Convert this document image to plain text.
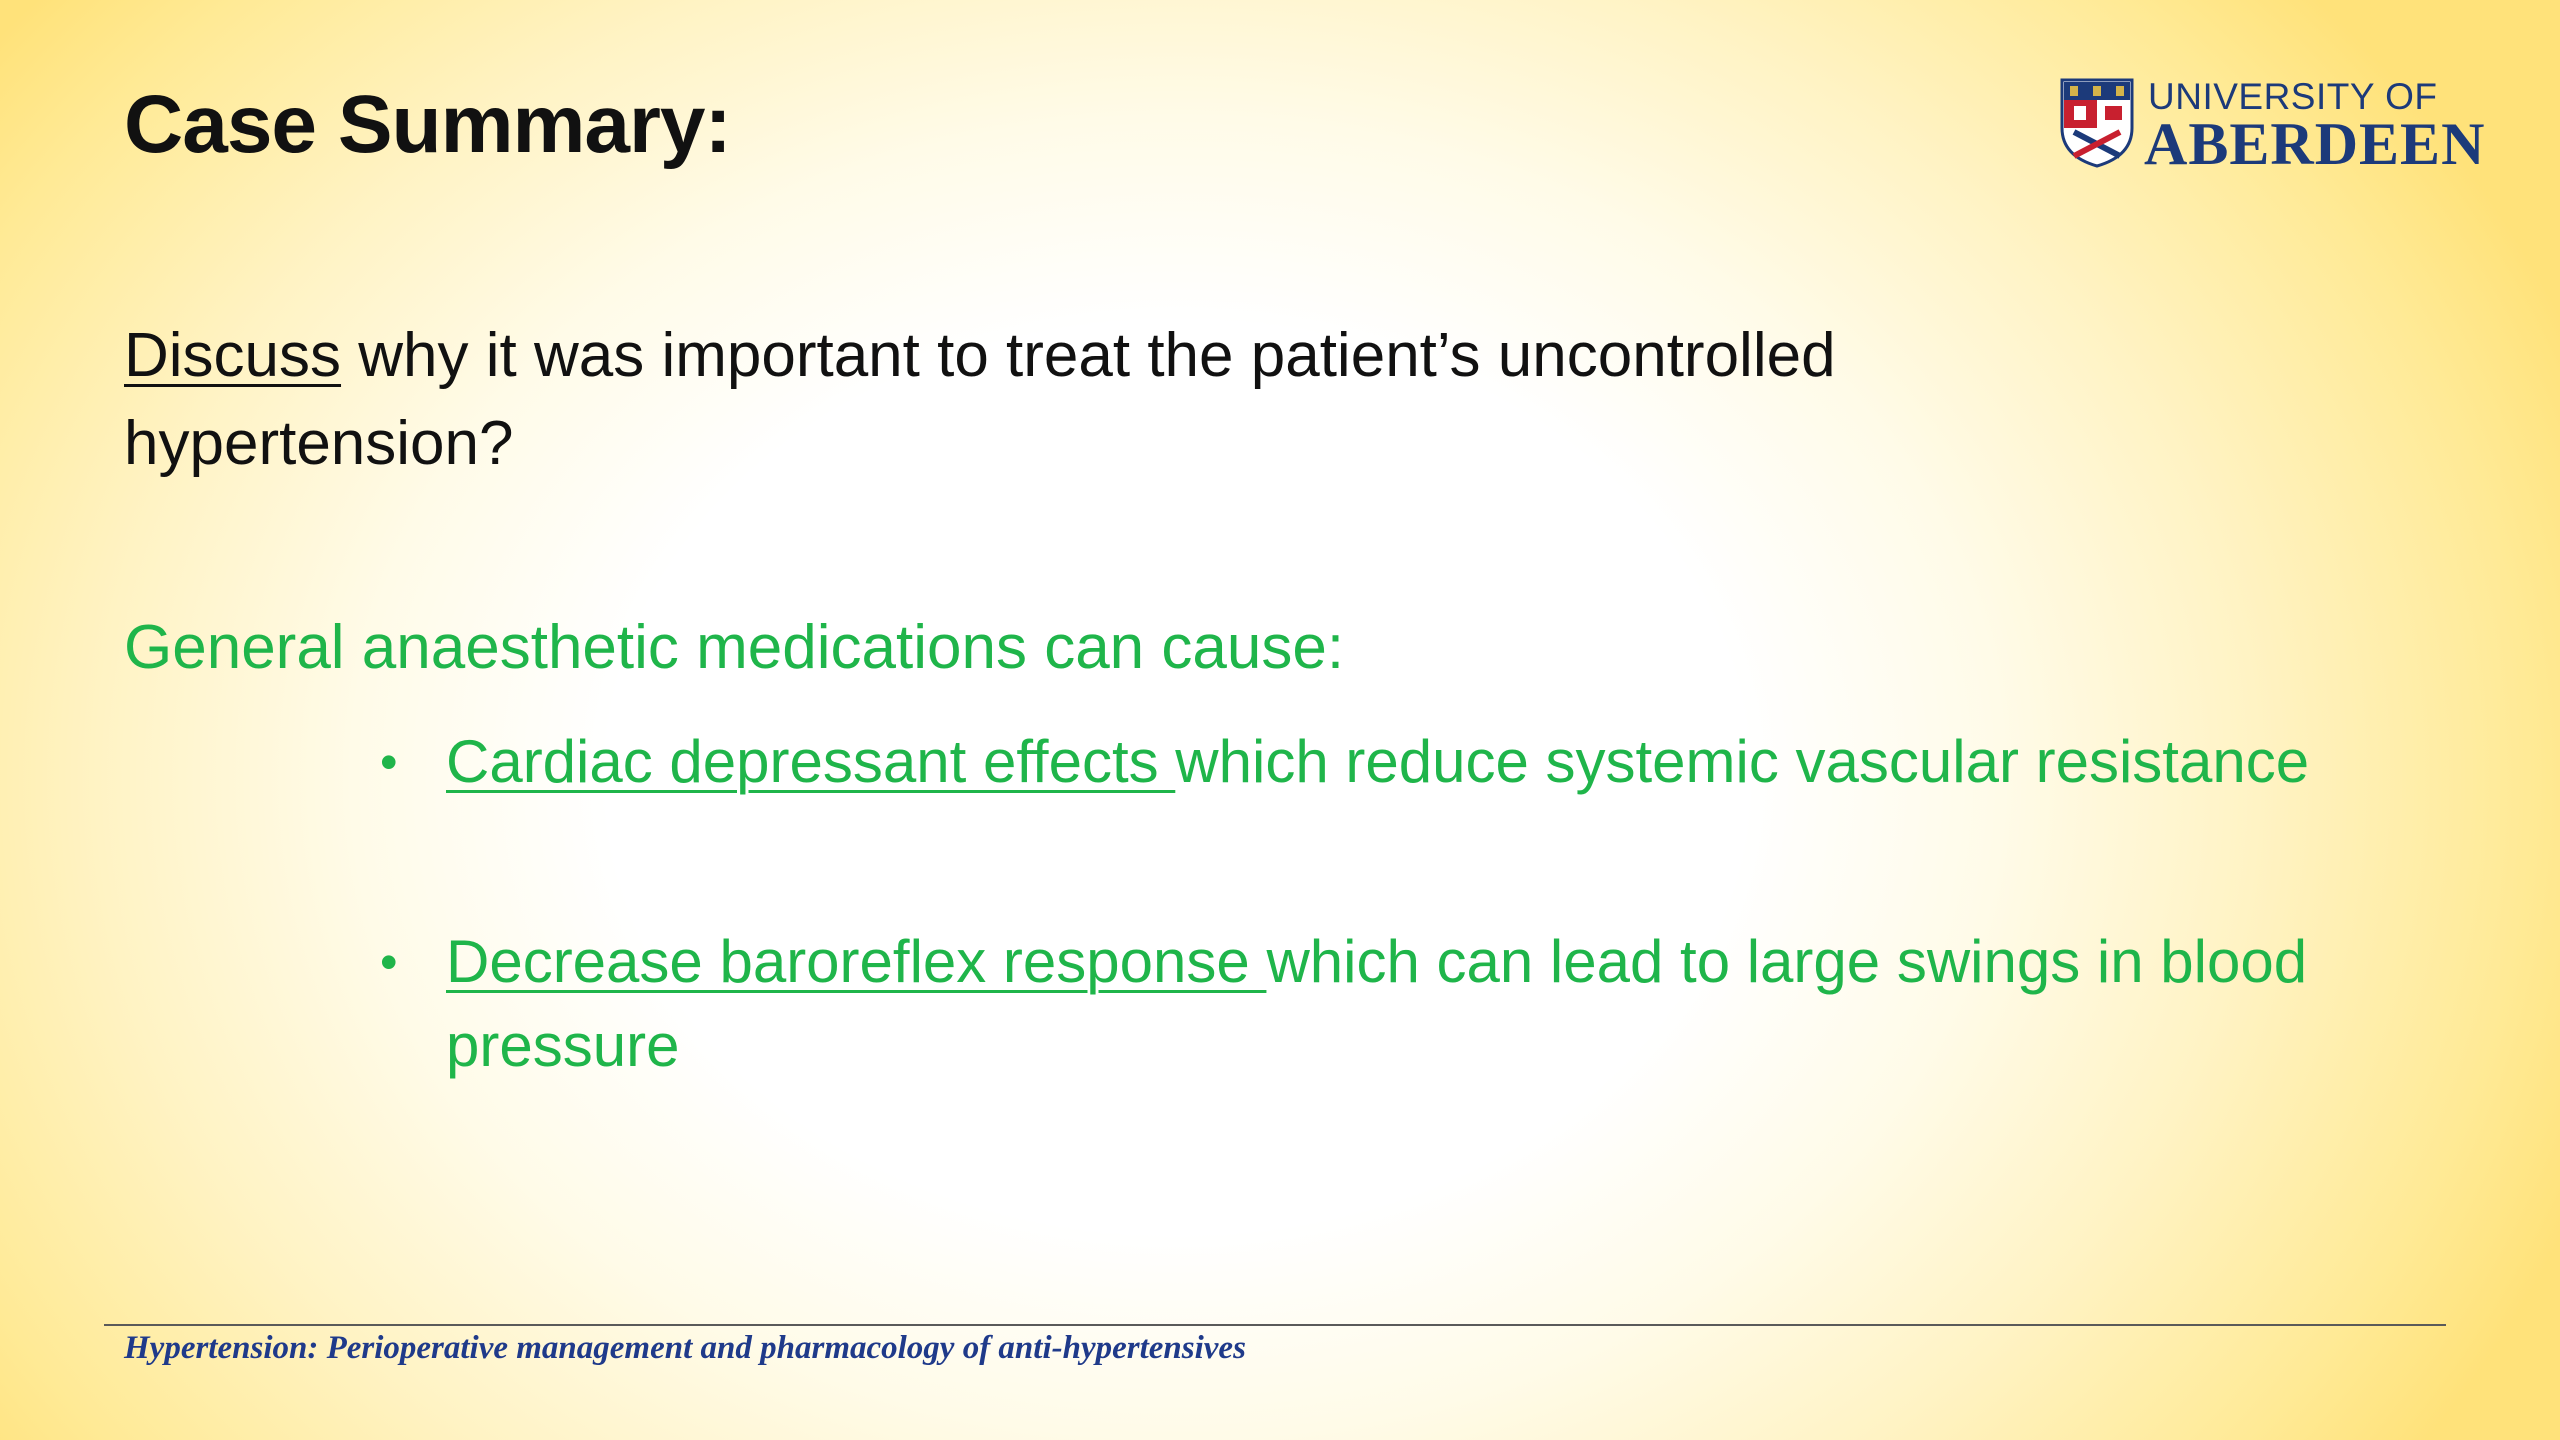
Case Summary:	UNIVERSITY OF
ABERDEEN
Discuss why it was important to treat the patient’s uncontrolled hypertension?
General anaesthetic medications can cause:
• Cardiac depressant effects which reduce systemic vascular resistance
• Decrease baroreflex response which can lead to large swings in blood pressure
Hypertension: Perioperative management and pharmacology of anti-hypertensives
